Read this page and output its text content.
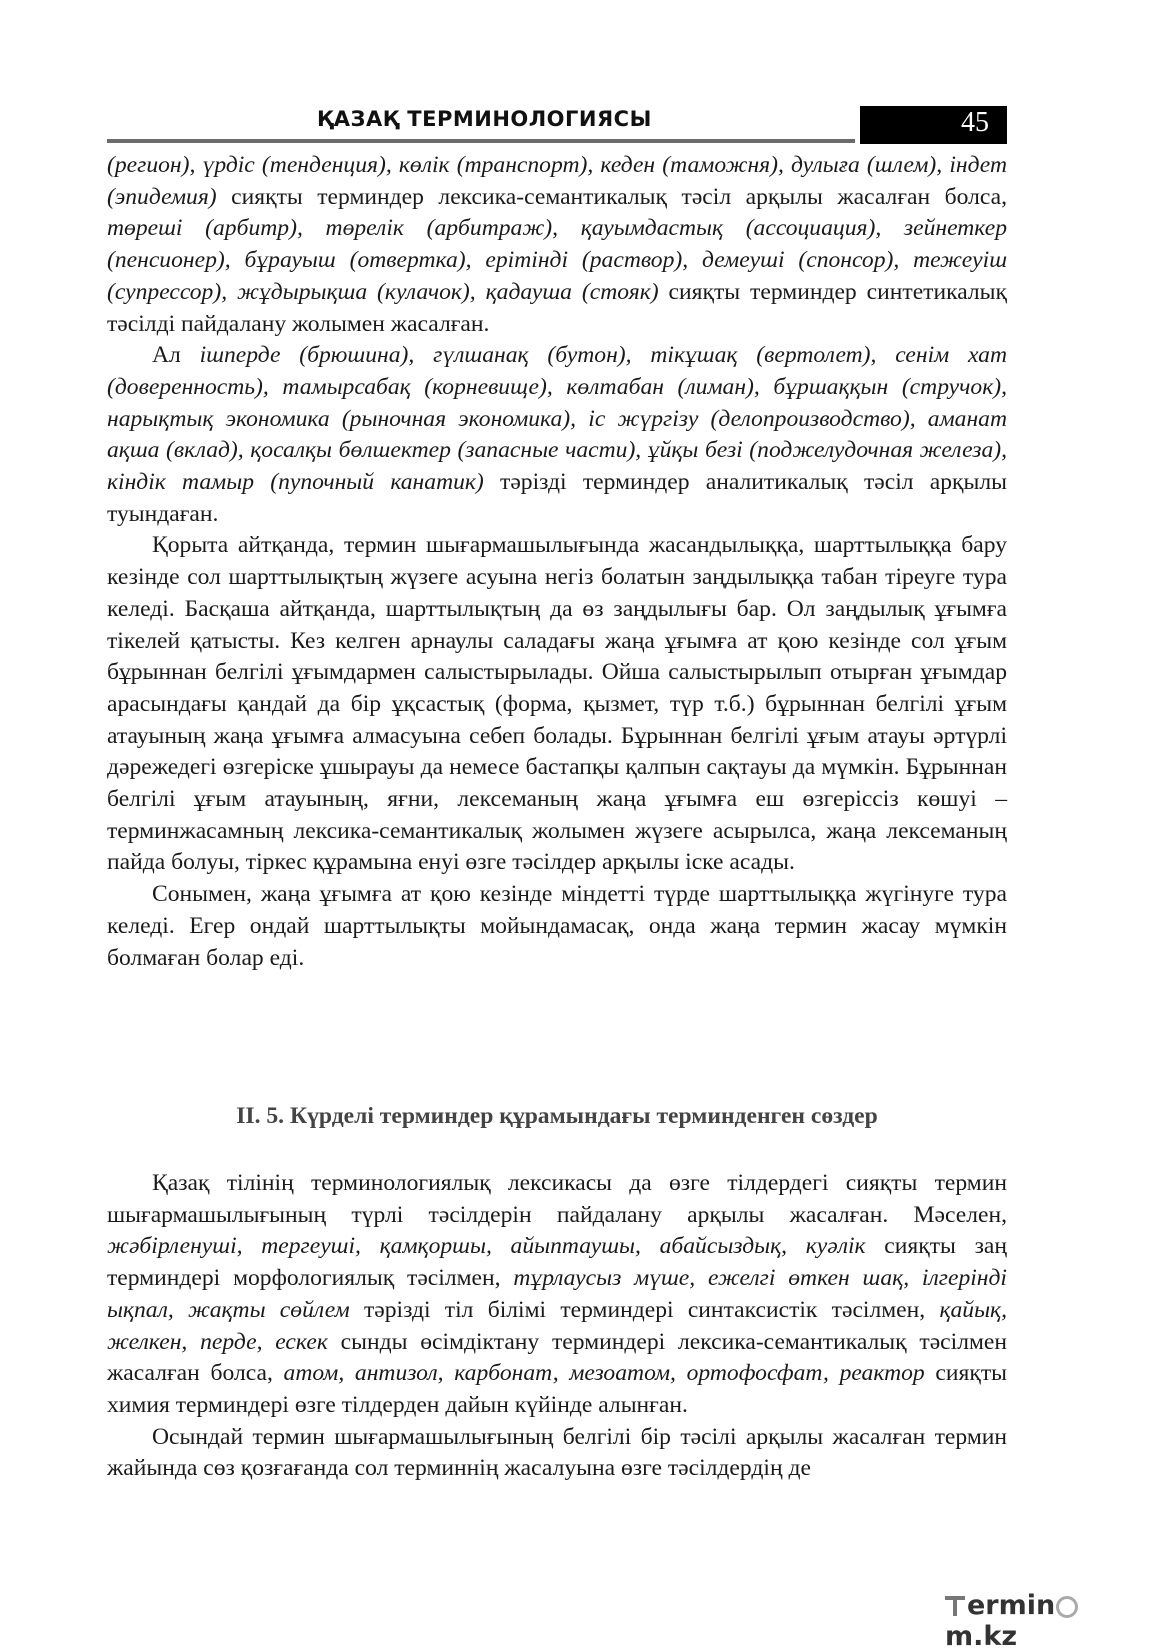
ҚАЗАҚ ТЕРМИНОЛОГИЯСЫ	45

(регион), үрдіс (тенденция), көлік (транспорт), кеден (таможня), дулыға (шлем), індет (эпидемия) сияқты терминдер лексика-семантикалық тәсіл арқылы жасалған болса, төреші (арбитр), төрелік (арбитраж), қауымдастық (ассоциация), зейнеткер (пенсионер), бұрауыш (отвертка), ерітінді (раствор), демеуші (спонсор), тежеуіш (супрессор), жұдырықша (кулачок), қадауша (стояк) сияқты терминдер синтетикалық тәсілді пайдалану жолымен жасалған.

Ал ішперде (брюшина), гүлшанақ (бутон), тікұшақ (вертолет), сенім хат (доверенность), тамырсабақ (корневище), көлтабан (лиман), бұршаққын (стручок), нарықтық экономика (рыночная экономика), іс жүргізу (делопроизводство), аманат ақша (вклад), қосалқы бөлшектер (запасные части), ұйқы безі (поджелудочная железа), кіндік тамыр (пупочный канатик) тәрізді терминдер аналитикалық тәсіл арқылы туындаған.

Қорыта айтқанда, термин шығармашылығында жасандылыққа, шарттылыққа бару кезінде сол шарттылықтың жүзеге асуына негіз болатын заңдылыққа табан тіреуге тура келеді. Басқаша айтқанда, шарттылықтың да өз заңдылығы бар. Ол заңдылық ұғымға тікелей қатысты. Кез келген арнаулы саладағы жаңа ұғымға ат қою кезінде сол ұғым бұрыннан белгілі ұғымдармен салыстырылады. Ойша салыстырылып отырған ұғымдар арасындағы қандай да бір ұқсастық (форма, қызмет, түр т.б.) бұрыннан белгілі ұғым атауының жаңа ұғымға алмасуына себеп болады. Бұрыннан белгілі ұғым атауы әртүрлі дәрежедегі өзгеріске ұшырауы да немесе бастапқы қалпын сақтауы да мүмкін. Бұрыннан белгілі ұғым атауының, яғни, лексеманың жаңа ұғымға еш өзгеріссіз көшуі – терминжасамның лексика-семантикалық жолымен жүзеге асырылса, жаңа лексеманың пайда болуы, тіркес құрамына енуі өзге тәсілдер арқылы іске асады.

Сонымен, жаңа ұғымға ат қою кезінде міндетті түрде шарттылыққа жүгінуге тура келеді. Егер ондай шарттылықты мойындамасақ, онда жаңа термин жасау мүмкін болмаған болар еді.

ІІ. 5. Күрделі терминдер құрамындағы терминденген сөздер

Қазақ тілінің терминологиялық лексикасы да өзге тілдердегі сияқты термин шығармашылығының түрлі тәсілдерін пайдалану арқылы жасалған. Мәселен, жәбірленуші, тергеуші, қамқоршы, айыптаушы, абайсыздық, куәлік сияқты заң терминдері морфологиялық тәсілмен, тұрлаусыз мүше, ежелгі өткен шақ, ілгерінді ықпал, жақты сөйлем тәрізді тіл білімі терминдері синтаксистік тәсілмен, қайық, желкен, перде, ескек сынды өсімдіктану терминдері лексика-семантикалық тәсілмен жасалған болса, атом, антизол, карбонат, мезоатом, ортофосфат, реактор сияқты химия терминдері өзге тілдерден дайын күйінде алынған.

Осындай термин шығармашылығының белгілі бір тәсілі арқылы жасалған термин жайында сөз қозғағанда сол терминнің жасалуына өзге тәсілдердің де

erminm.kz
